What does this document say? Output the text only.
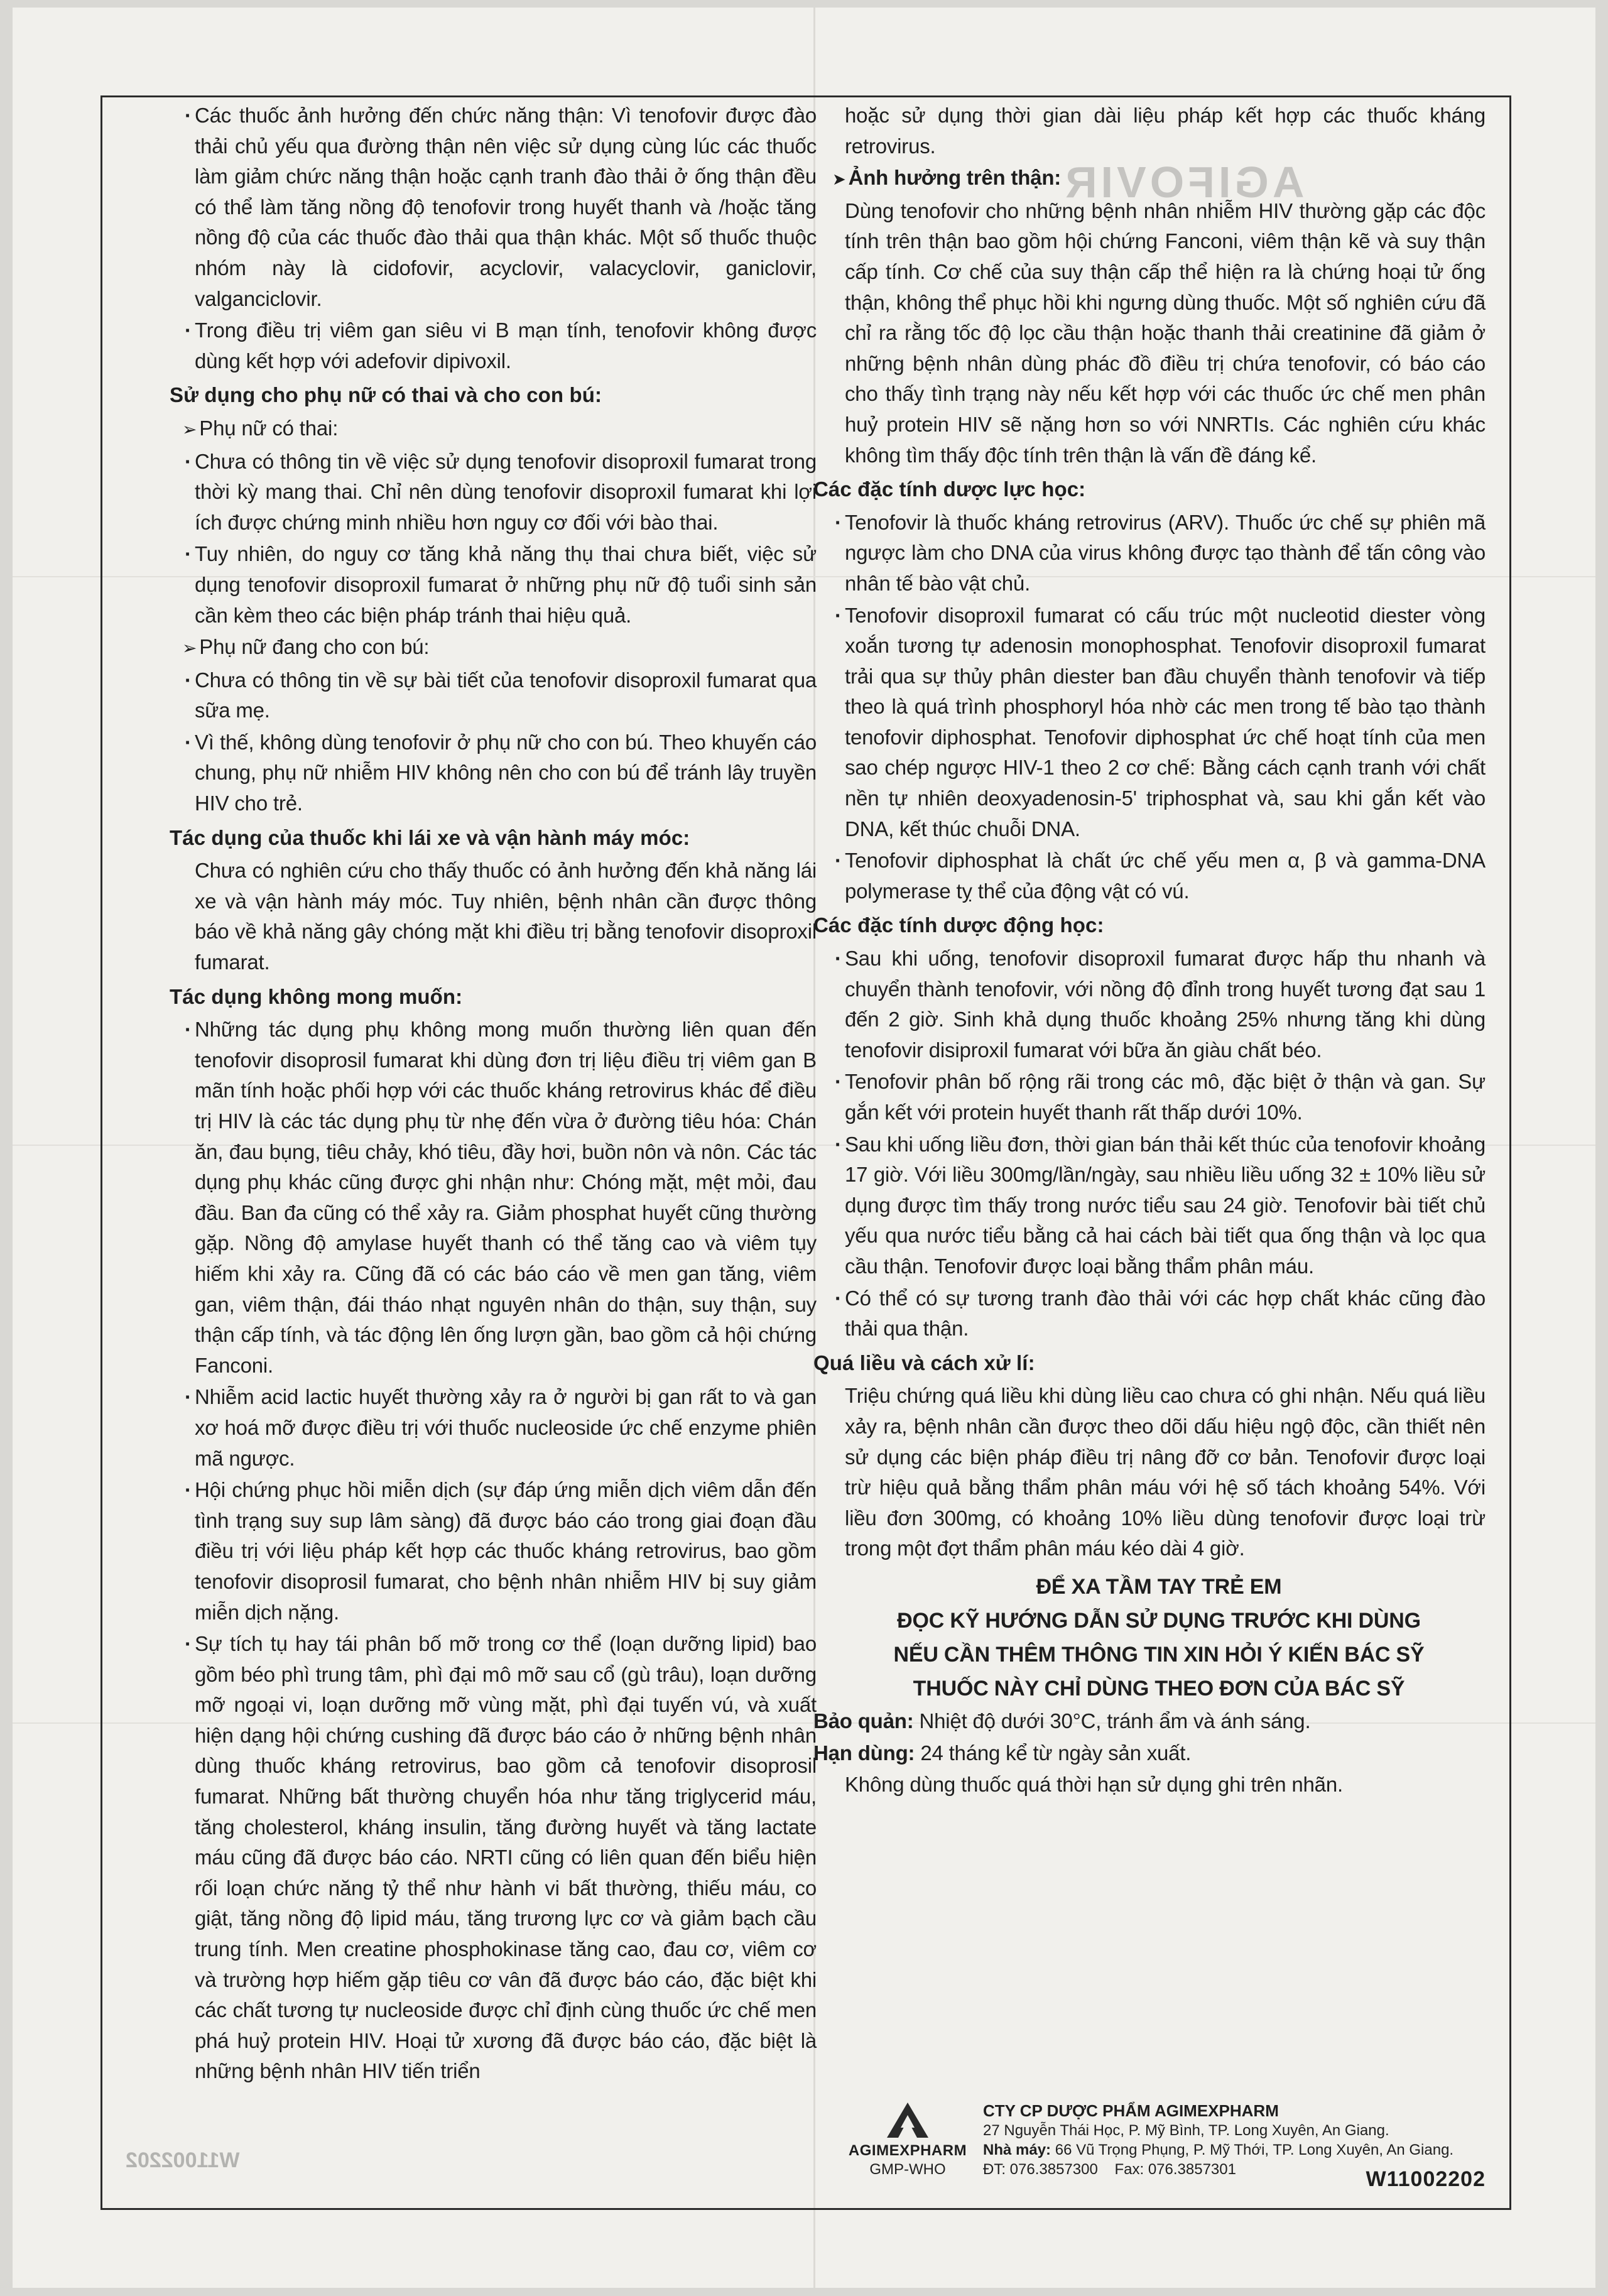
AGIFOVIR
W11002202

· Các thuốc ảnh hưởng đến chức năng thận: Vì tenofovir được đào thải chủ yếu qua đường thận nên việc sử dụng cùng lúc các thuốc làm giảm chức năng thận hoặc cạnh tranh đào thải ở ống thận đều có thể làm tăng nồng độ tenofovir trong huyết thanh và /hoặc tăng nồng độ của các thuốc đào thải qua thận khác. Một số thuốc thuộc nhóm này là cidofovir, acyclovir, valacyclovir, ganiclovir, valganciclovir.

· Trong điều trị viêm gan siêu vi B mạn tính, tenofovir không được dùng kết hợp với adefovir dipivoxil.

Sử dụng cho phụ nữ có thai và cho con bú:

➢ Phụ nữ có thai:

· Chưa có thông tin về việc sử dụng tenofovir disoproxil fumarat trong thời kỳ mang thai. Chỉ nên dùng tenofovir disoproxil fumarat khi lợi ích được chứng minh nhiều hơn nguy cơ đối với bào thai.

· Tuy nhiên, do nguy cơ tăng khả năng thụ thai chưa biết, việc sử dụng tenofovir disoproxil fumarat ở những phụ nữ độ tuổi sinh sản cần kèm theo các biện pháp tránh thai hiệu quả.

➢ Phụ nữ đang cho con bú:

· Chưa có thông tin về sự bài tiết của tenofovir disoproxil fumarat qua sữa mẹ.

· Vì thế, không dùng tenofovir ở phụ nữ cho con bú. Theo khuyến cáo chung, phụ nữ nhiễm HIV không nên cho con bú để tránh lây truyền HIV cho trẻ.

Tác dụng của thuốc khi lái xe và vận hành máy móc:

Chưa có nghiên cứu cho thấy thuốc có ảnh hưởng đến khả năng lái xe và vận hành máy móc. Tuy nhiên, bệnh nhân cần được thông báo về khả năng gây chóng mặt khi điều trị bằng tenofovir disoproxil fumarat.

Tác dụng không mong muốn:

· Những tác dụng phụ không mong muốn thường liên quan đến tenofovir disoprosil fumarat khi dùng đơn trị liệu điều trị viêm gan B mãn tính hoặc phối hợp với các thuốc kháng retrovirus khác để điều trị HIV là các tác dụng phụ từ nhẹ đến vừa ở đường tiêu hóa: Chán ăn, đau bụng, tiêu chảy, khó tiêu, đầy hơi, buồn nôn và nôn. Các tác dụng phụ khác cũng được ghi nhận như: Chóng mặt, mệt mỏi, đau đầu. Ban đa cũng có thể xảy ra. Giảm phosphat huyết cũng thường gặp. Nồng độ amylase huyết thanh có thể tăng cao và viêm tụy hiếm khi xảy ra. Cũng đã có các báo cáo về men gan tăng, viêm gan, viêm thận, đái tháo nhạt nguyên nhân do thận, suy thận, suy thận cấp tính, và tác động lên ống lượn gần, bao gồm cả hội chứng Fanconi.

· Nhiễm acid lactic huyết thường xảy ra ở người bị gan rất to và gan xơ hoá mỡ được điều trị với thuốc nucleoside ức chế enzyme phiên mã ngược.

· Hội chứng phục hồi miễn dịch (sự đáp ứng miễn dịch viêm dẫn đến tình trạng suy sup lâm sàng) đã được báo cáo trong giai đoạn đầu điều trị với liệu pháp kết hợp các thuốc kháng retrovirus, bao gồm tenofovir disoprosil fumarat, cho bệnh nhân nhiễm HIV bị suy giảm miễn dịch nặng.

· Sự tích tụ hay tái phân bố mỡ trong cơ thể (loạn dưỡng lipid) bao gồm béo phì trung tâm, phì đại mô mỡ sau cổ (gù trâu), loạn dưỡng mỡ ngoại vi, loạn dưỡng mỡ vùng mặt, phì đại tuyến vú, và xuất hiện dạng hội chứng cushing đã được báo cáo ở những bệnh nhân dùng thuốc kháng retrovirus, bao gồm cả tenofovir disoprosil fumarat. Những bất thường chuyển hóa như tăng triglycerid máu, tăng cholesterol, kháng insulin, tăng đường huyết và tăng lactate máu cũng đã được báo cáo. NRTI cũng có liên quan đến biểu hiện rối loạn chức năng tỷ thể như hành vi bất thường, thiếu máu, co giật, tăng nồng độ lipid máu, tăng trương lực cơ và giảm bạch cầu trung tính. Men creatine phosphokinase tăng cao, đau cơ, viêm cơ và trường hợp hiếm gặp tiêu cơ vân đã được báo cáo, đặc biệt khi các chất tương tự nucleoside được chỉ định cùng thuốc ức chế men phá huỷ protein HIV. Hoại tử xương đã được báo cáo, đặc biệt là những bệnh nhân HIV tiến triển

hoặc sử dụng thời gian dài liệu pháp kết hợp các thuốc kháng retrovirus.

➤ Ảnh hưởng trên thận:

Dùng tenofovir cho những bệnh nhân nhiễm HIV thường gặp các độc tính trên thận bao gồm hội chứng Fanconi, viêm thận kẽ và suy thận cấp tính. Cơ chế của suy thận cấp thể hiện ra là chứng hoại tử ống thận, không thể phục hồi khi ngưng dùng thuốc. Một số nghiên cứu đã chỉ ra rằng tốc độ lọc cầu thận hoặc thanh thải creatinine đã giảm ở những bệnh nhân dùng phác đồ điều trị chứa tenofovir, có báo cáo cho thấy tình trạng này nếu kết hợp với các thuốc ức chế men phân huỷ protein HIV sẽ nặng hơn so với NNRTIs. Các nghiên cứu khác không tìm thấy độc tính trên thận là vấn đề đáng kể.

Các đặc tính dược lực học:

· Tenofovir là thuốc kháng retrovirus (ARV). Thuốc ức chế sự phiên mã ngược làm cho DNA của virus không được tạo thành để tấn công vào nhân tế bào vật chủ.

· Tenofovir disoproxil fumarat có cấu trúc một nucleotid diester vòng xoắn tương tự adenosin monophosphat. Tenofovir disoproxil fumarat trải qua sự thủy phân diester ban đầu chuyển thành tenofovir và tiếp theo là quá trình phosphoryl hóa nhờ các men trong tế bào tạo thành tenofovir diphosphat. Tenofovir diphosphat ức chế hoạt tính của men sao chép ngược HIV-1 theo 2 cơ chế: Bằng cách cạnh tranh với chất nền tự nhiên deoxyadenosin-5' triphosphat và, sau khi gắn kết vào DNA, kết thúc chuỗi DNA.

· Tenofovir diphosphat là chất ức chế yếu men α, β và gamma-DNA polymerase tỵ thể của động vật có vú.

Các đặc tính dược động học:

· Sau khi uống, tenofovir disoproxil fumarat được hấp thu nhanh và chuyển thành tenofovir, với nồng độ đỉnh trong huyết tương đạt sau 1 đến 2 giờ. Sinh khả dụng thuốc khoảng 25% nhưng tăng khi dùng tenofovir disiproxil fumarat với bữa ăn giàu chất béo.

· Tenofovir phân bố rộng rãi trong các mô, đặc biệt ở thận và gan. Sự gắn kết với protein huyết thanh rất thấp dưới 10%.

· Sau khi uống liều đơn, thời gian bán thải kết thúc của tenofovir khoảng 17 giờ. Với liều 300mg/lần/ngày, sau nhiều liều uống 32 ± 10% liều sử dụng được tìm thấy trong nước tiểu sau 24 giờ. Tenofovir bài tiết chủ yếu qua nước tiểu bằng cả hai cách bài tiết qua ống thận và lọc qua cầu thận. Tenofovir được loại bằng thẩm phân máu.

· Có thể có sự tương tranh đào thải với các hợp chất khác cũng đào thải qua thận.

Quá liều và cách xử lí:

Triệu chứng quá liều khi dùng liều cao chưa có ghi nhận. Nếu quá liều xảy ra, bệnh nhân cần được theo dõi dấu hiệu ngộ độc, cần thiết nên sử dụng các biện pháp điều trị nâng đỡ cơ bản. Tenofovir được loại trừ hiệu quả bằng thẩm phân máu với hệ số tách khoảng 54%. Với liều đơn 300mg, có khoảng 10% liều dùng tenofovir được loại trừ trong một đợt thẩm phân máu kéo dài 4 giờ.

ĐỂ XA TẦM TAY TRẺ EM
ĐỌC KỸ HƯỚNG DẪN SỬ DỤNG TRƯỚC KHI DÙNG
NẾU CẦN THÊM THÔNG TIN XIN HỎI Ý KIẾN BÁC SỸ
THUỐC NÀY CHỈ DÙNG THEO ĐƠN CỦA BÁC SỸ

Bảo quản: Nhiệt độ dưới 30°C, tránh ẩm và ánh sáng.

Hạn dùng: 24 tháng kể từ ngày sản xuất.

Không dùng thuốc quá thời hạn sử dụng ghi trên nhãn.

AGIMEXPHARM
GMP-WHO
CTY CP DƯỢC PHẨM AGIMEXPHARM
27 Nguyễn Thái Học, P. Mỹ Bình, TP. Long Xuyên, An Giang.
Nhà máy: 66 Vũ Trọng Phụng, P. Mỹ Thới, TP. Long Xuyên, An Giang.
ĐT: 076.3857300 Fax: 076.3857301	W11002202
